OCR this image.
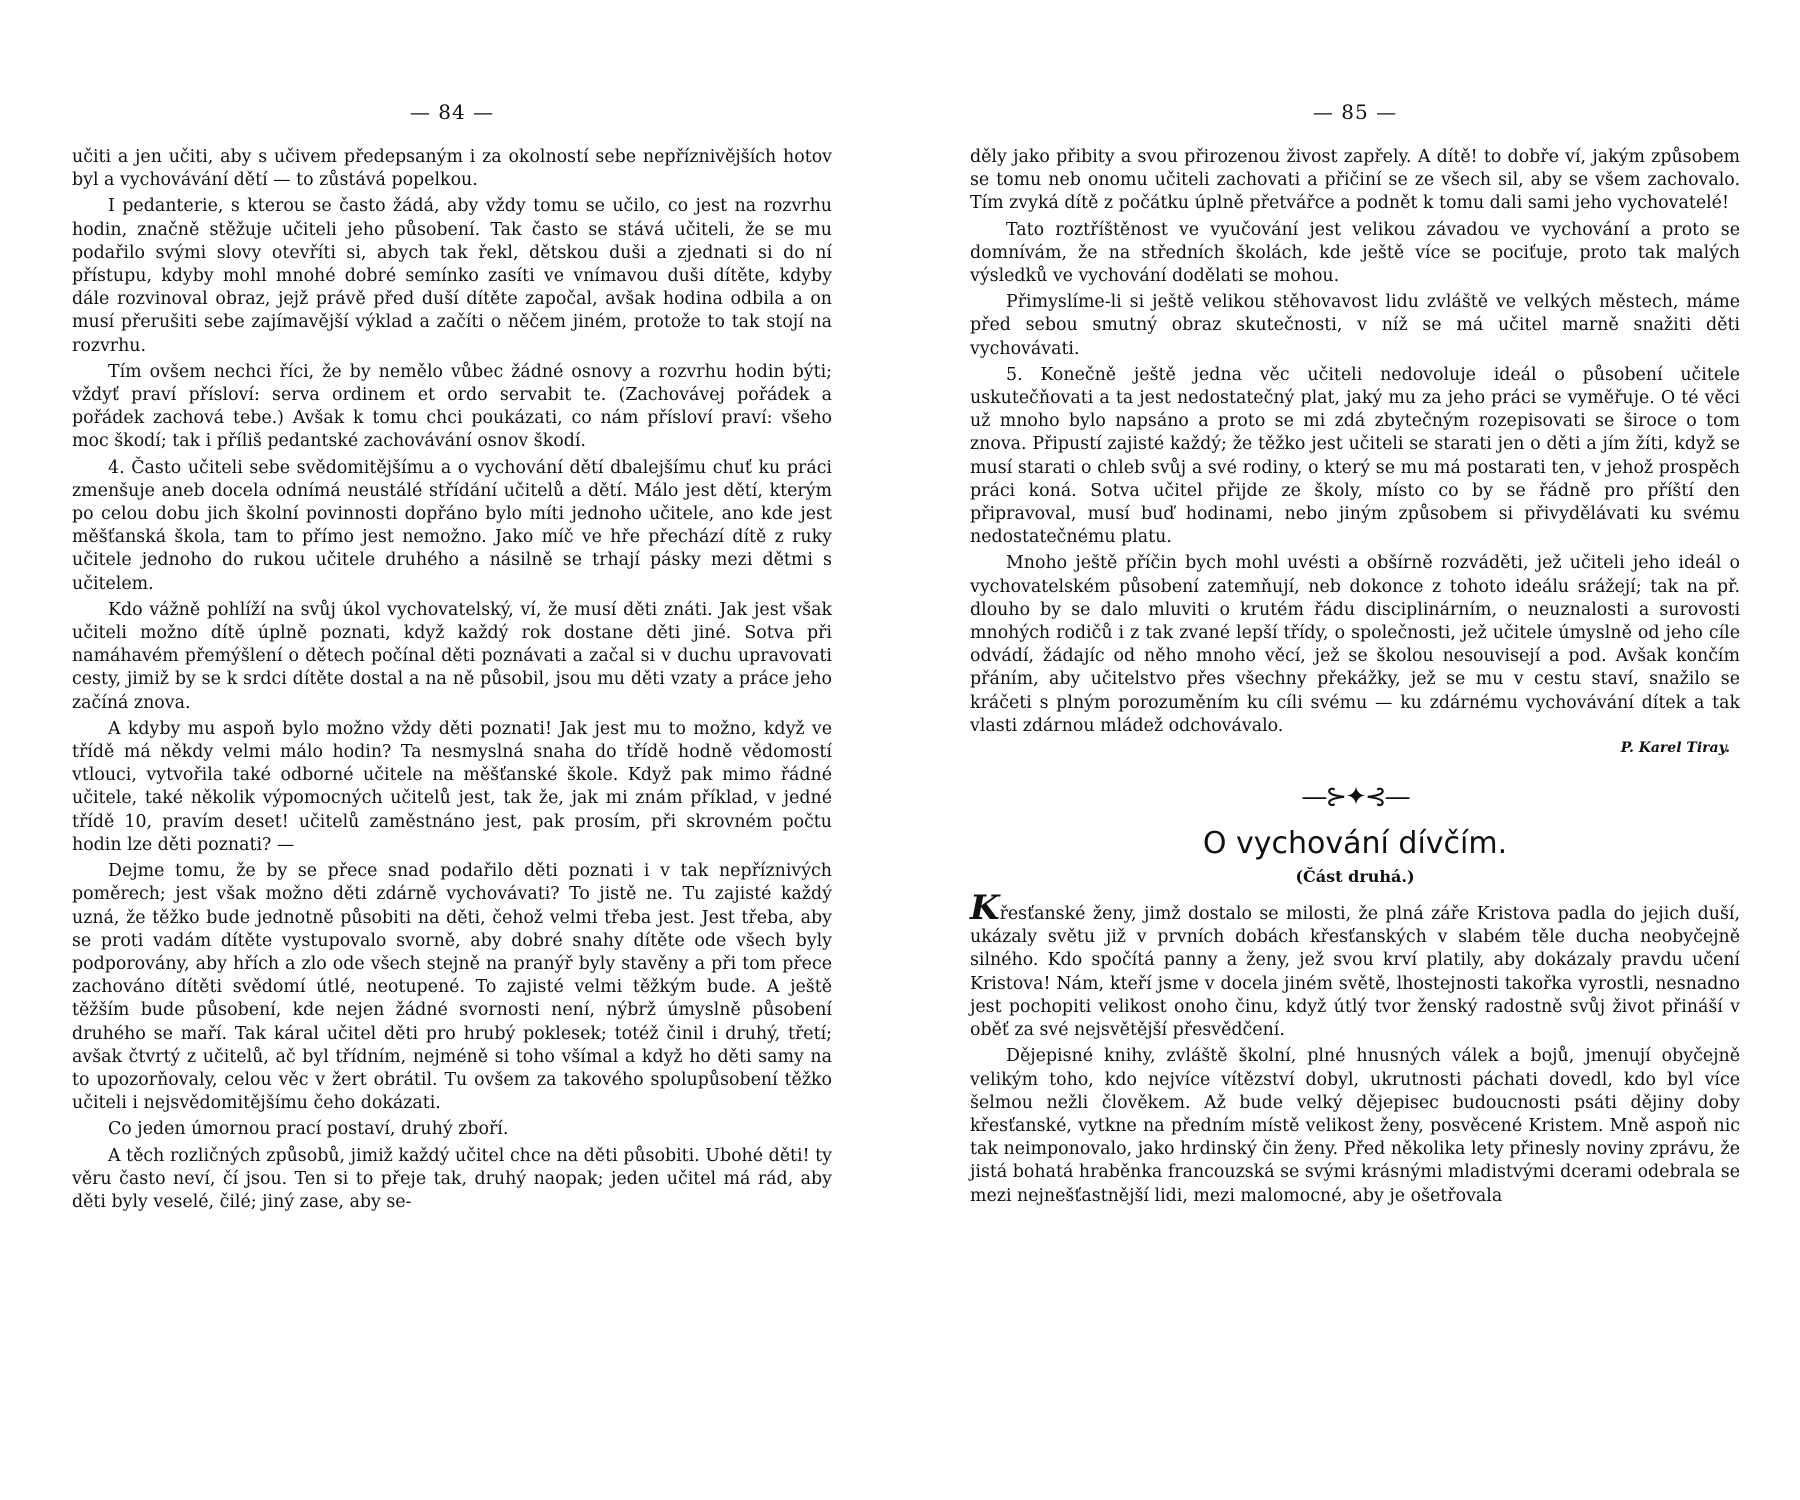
— 84 —

učiti a jen učiti, aby s učivem předepsaným i za okolností sebe nepříznivějších hotov byl a vychovávání dětí — to zůstává popelkou.

I pedanterie, s kterou se často žádá, aby vždy tomu se učilo, co jest na rozvrhu hodin, značně stěžuje učiteli jeho působení. Tak často se stává učiteli, že se mu podařilo svými slovy otevříti si, abych tak řekl, dětskou duši a zjednati si do ní přístupu, kdyby mohl mnohé dobré semínko zasíti ve vnímavou duši dítěte, kdyby dále rozvinoval obraz, jejž právě před duší dítěte započal, avšak hodina odbila a on musí přerušiti sebe zajímavější výklad a začíti o něčem jiném, protože to tak stojí na rozvrhu.

Tím ovšem nechci říci, že by nemělo vůbec žádné osnovy a rozvrhu hodin býti; vždyť praví přísloví: serva ordinem et ordo servabit te. (Zachovávej pořádek a pořádek zachová tebe.) Avšak k tomu chci poukázati, co nám přísloví praví: všeho moc škodí; tak i příliš pedantské zachovávání osnov škodí.

4. Často učiteli sebe svědomitějšímu a o vychování dětí dbalejšímu chuť ku práci zmenšuje aneb docela odnímá neustálé střídání učitelů a dětí. Málo jest dětí, kterým po celou dobu jich školní povinnosti dopřáno bylo míti jednoho učitele, ano kde jest měšťanská škola, tam to přímo jest nemožno. Jako míč ve hře přechází dítě z ruky učitele jednoho do rukou učitele druhého a násilně se trhají pásky mezi dětmi s učitelem.

Kdo vážně pohlíží na svůj úkol vychovatelský, ví, že musí děti znáti. Jak jest však učiteli možno dítě úplně poznati, když každý rok dostane děti jiné. Sotva při namáhavém přemýšlení o dětech počínal děti poznávati a začal si v duchu upravovati cesty, jimiž by se k srdci dítěte dostal a na ně působil, jsou mu děti vzaty a práce jeho začíná znova.

A kdyby mu aspoň bylo možno vždy děti poznati! Jak jest mu to možno, když ve třídě má někdy velmi málo hodin? Ta nesmyslná snaha do třídě hodně vědomostí vtlouci, vytvořila také odborné učitele na měšťanské škole. Když pak mimo řádné učitele, také několik výpomocných učitelů jest, tak že, jak mi znám příklad, v jedné třídě 10, pravím deset! učitelů zaměstnáno jest, pak prosím, při skrovném počtu hodin lze děti poznati? —

Dejme tomu, že by se přece snad podařilo děti poznati i v tak nepříznivých poměrech; jest však možno děti zdárně vychovávati? To jistě ne. Tu zajisté každý uzná, že těžko bude jednotně působiti na děti, čehož velmi třeba jest. Jest třeba, aby se proti vadám dítěte vystupovalo svorně, aby dobré snahy dítěte ode všech byly podporovány, aby hřích a zlo ode všech stejně na pranýř byly stavěny a při tom přece zachováno dítěti svědomí útlé, neotupené. To zajisté velmi těžkým bude. A ještě těžším bude působení, kde nejen žádné svornosti není, nýbrž úmyslně působení druhého se maří. Tak káral učitel děti pro hrubý poklesek; totéž činil i druhý, třetí; avšak čtvrtý z učitelů, ač byl třídním, nejméně si toho všímal a když ho děti samy na to upozorňovaly, celou věc v žert obrátil. Tu ovšem za takového spolupůsobení těžko učiteli i nejsvědomitějšímu čeho dokázati.

Co jeden úmornou prací postaví, druhý zboří.

A těch rozličných způsobů, jimiž každý učitel chce na děti působiti. Ubohé děti! ty věru často neví, čí jsou. Ten si to přeje tak, druhý naopak; jeden učitel má rád, aby děti byly veselé, čilé; jiný zase, aby se-

— 85 —

děly jako přibity a svou přirozenou živost zapřely. A dítě! to dobře ví, jakým způsobem se tomu neb onomu učiteli zachovati a přičiní se ze všech sil, aby se všem zachovalo. Tím zvyká dítě z počátku úplně přetvářce a podnět k tomu dali sami jeho vychovatelé!

Tato roztříštěnost ve vyučování jest velikou závadou ve vychování a proto se domnívám, že na středních školách, kde ještě více se pociťuje, proto tak malých výsledků ve vychování dodělati se mohou.

Přimyslíme-li si ještě velikou stěhovavost lidu zvláště ve velkých městech, máme před sebou smutný obraz skutečnosti, v níž se má učitel marně snažiti děti vychovávati.

5. Konečně ještě jedna věc učiteli nedovoluje ideál o působení učitele uskutečňovati a ta jest nedostatečný plat, jaký mu za jeho práci se vyměřuje. O té věci už mnoho bylo napsáno a proto se mi zdá zbytečným rozepisovati se široce o tom znova. Připustí zajisté každý; že těžko jest učiteli se starati jen o děti a jím žíti, když se musí starati o chleb svůj a své rodiny, o který se mu má postarati ten, v jehož prospěch práci koná. Sotva učitel přijde ze školy, místo co by se řádně pro příští den připravoval, musí buď hodinami, nebo jiným způsobem si přivydělávati ku svému nedostatečnému platu.

Mnoho ještě příčin bych mohl uvésti a obšírně rozváděti, jež učiteli jeho ideál o vychovatelském působení zatemňují, neb dokonce z tohoto ideálu srážejí; tak na př. dlouho by se dalo mluviti o krutém řádu disciplinárním, o neuznalosti a surovosti mnohých rodičů i z tak zvané lepší třídy, o společnosti, jež učitele úmyslně od jeho cíle odvádí, žádajíc od něho mnoho věcí, jež se školou nesouvisejí a pod. Avšak končím přáním, aby učitelstvo přes všechny překážky, jež se mu v cestu staví, snažilo se kráčeti s plným porozuměním ku cíli svému — ku zdárnému vychovávání dítek a tak vlasti zdárnou mládež odchovávalo.

P. Karel Tiray.
—⊱✦⊰—
O vychování dívčím.
(Část druhá.)

Křesťanské ženy, jimž dostalo se milosti, že plná záře Kristova padla do jejich duší, ukázaly světu již v prvních dobách křesťanských v slabém těle ducha neobyčejně silného. Kdo spočítá panny a ženy, jež svou krví platily, aby dokázaly pravdu učení Kristova! Nám, kteří jsme v docela jiném světě, lhostejnosti takořka vyrostli, nesnadno jest pochopiti velikost onoho činu, když útlý tvor ženský radostně svůj život přináší v oběť za své nejsvětější přesvědčení.

Dějepisné knihy, zvláště školní, plné hnusných válek a bojů, jmenují obyčejně velikým toho, kdo nejvíce vítězství dobyl, ukrutnosti páchati dovedl, kdo byl více šelmou nežli člověkem. Až bude velký dějepisec budoucnosti psáti dějiny doby křesťanské, vytkne na předním místě velikost ženy, posvěcené Kristem. Mně aspoň nic tak neimponovalo, jako hrdinský čin ženy. Před několika lety přinesly noviny zprávu, že jistá bohatá hraběnka francouzská se svými krásnými mladistvými dcerami odebrala se mezi nejnešťastnější lidi, mezi malomocné, aby je ošetřovala
